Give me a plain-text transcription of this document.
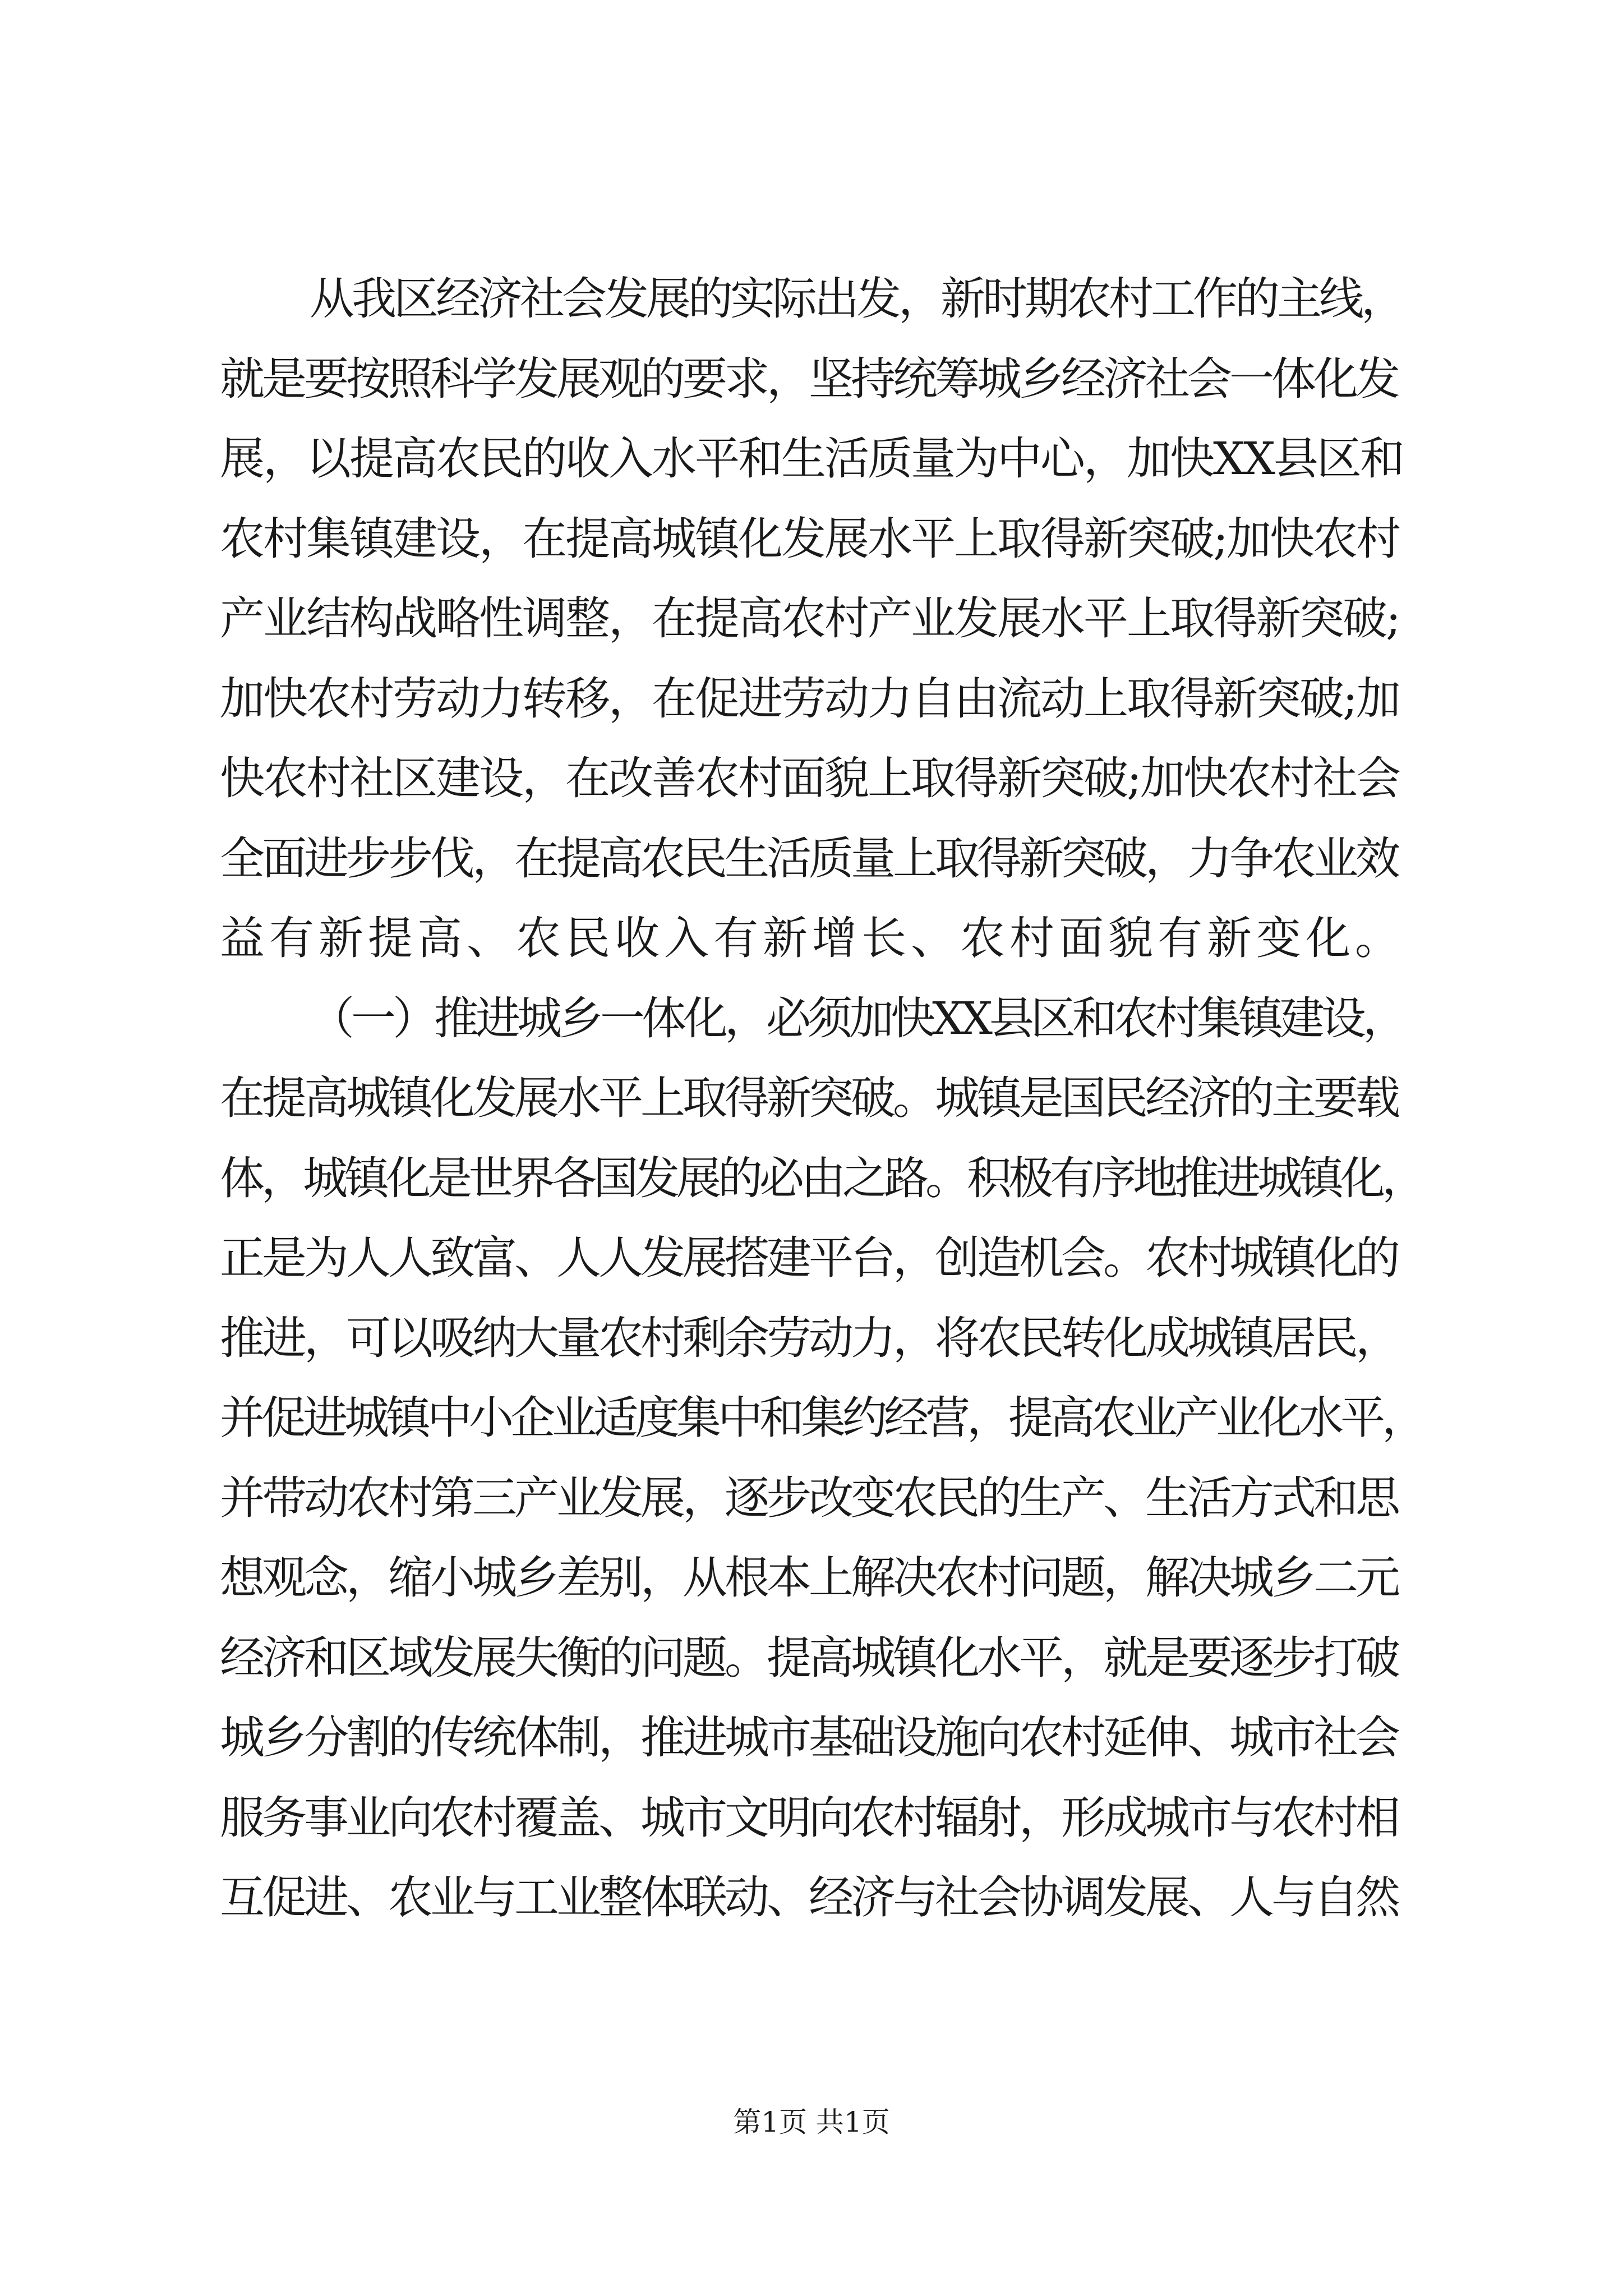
从我区经济社会发展的实际出发，新时期农村工作的主线，
就是要按照科学发展观的要求，坚持统筹城乡经济社会一体化发
展，以提高农民的收入水平和生活质量为中心，加快XX县区和
农村集镇建设，在提高城镇化发展水平上取得新突破;加快农村
产业结构战略性调整，在提高农村产业发展水平上取得新突破;
加快农村劳动力转移，在促进劳动力自由流动上取得新突破;加
快农村社区建设，在改善农村面貌上取得新突破;加快农村社会
全面进步步伐，在提高农民生活质量上取得新突破，力争农业效
益有新提高、农民收入有新增长、农村面貌有新变化。
（一）推进城乡一体化，必须加快XX县区和农村集镇建设，
在提高城镇化发展水平上取得新突破。城镇是国民经济的主要载
体，城镇化是世界各国发展的必由之路。积极有序地推进城镇化，
正是为人人致富、人人发展搭建平台，创造机会。农村城镇化的
推进，可以吸纳大量农村剩余劳动力，将农民转化成城镇居民，
并促进城镇中小企业适度集中和集约经营，提高农业产业化水平，
并带动农村第三产业发展，逐步改变农民的生产、生活方式和思
想观念，缩小城乡差别，从根本上解决农村问题，解决城乡二元
经济和区域发展失衡的问题。提高城镇化水平，就是要逐步打破
城乡分割的传统体制，推进城市基础设施向农村延伸、城市社会
服务事业向农村覆盖、城市文明向农村辐射，形成城市与农村相
互促进、农业与工业整体联动、经济与社会协调发展、人与自然
第1页 共1页
